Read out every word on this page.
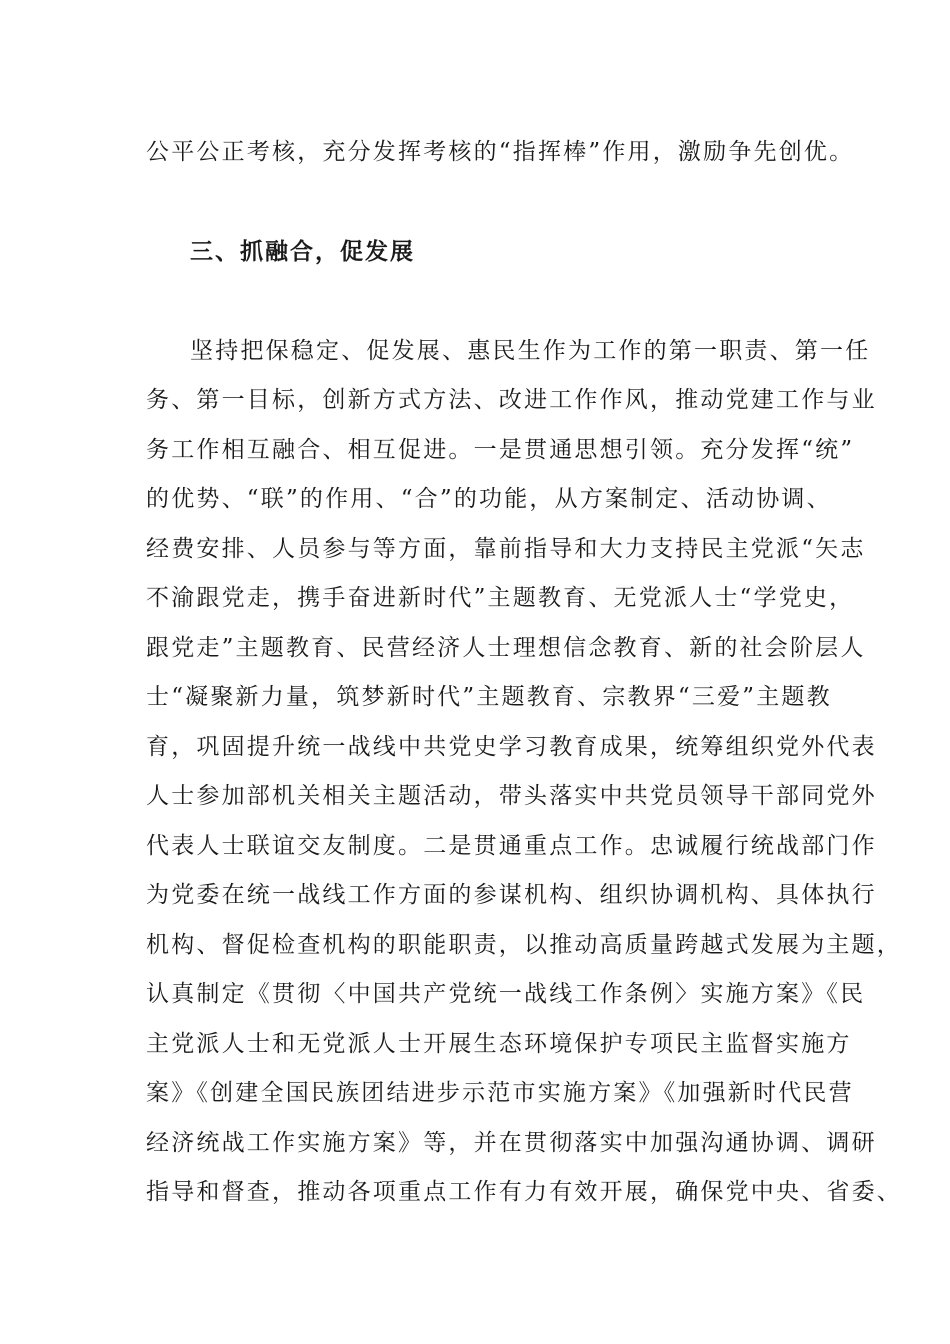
公平公正考核，充分发挥考核的“指挥棒”作用，激励争先创优。
三、抓融合，促发展
坚持把保稳定、促发展、惠民生作为工作的第一职责、第一任
务、第一目标，创新方式方法、改进工作作风，推动党建工作与业
务工作相互融合、相互促进。一是贯通思想引领。充分发挥“统”
的优势、“联”的作用、“合”的功能，从方案制定、活动协调、
经费安排、人员参与等方面，靠前指导和大力支持民主党派“矢志
不渝跟党走，携手奋进新时代”主题教育、无党派人士“学党史，
跟党走”主题教育、民营经济人士理想信念教育、新的社会阶层人
士“凝聚新力量，筑梦新时代”主题教育、宗教界“三爱”主题教
育，巩固提升统一战线中共党史学习教育成果，统筹组织党外代表
人士参加部机关相关主题活动，带头落实中共党员领导干部同党外
代表人士联谊交友制度。二是贯通重点工作。忠诚履行统战部门作
为党委在统一战线工作方面的参谋机构、组织协调机构、具体执行
机构、督促检查机构的职能职责，以推动高质量跨越式发展为主题，
认真制定《贯彻〈中国共产党统一战线工作条例〉实施方案》《民
主党派人士和无党派人士开展生态环境保护专项民主监督实施方
案》《创建全国民族团结进步示范市实施方案》《加强新时代民营
经济统战工作实施方案》等，并在贯彻落实中加强沟通协调、调研
指导和督查，推动各项重点工作有力有效开展，确保党中央、省委、
